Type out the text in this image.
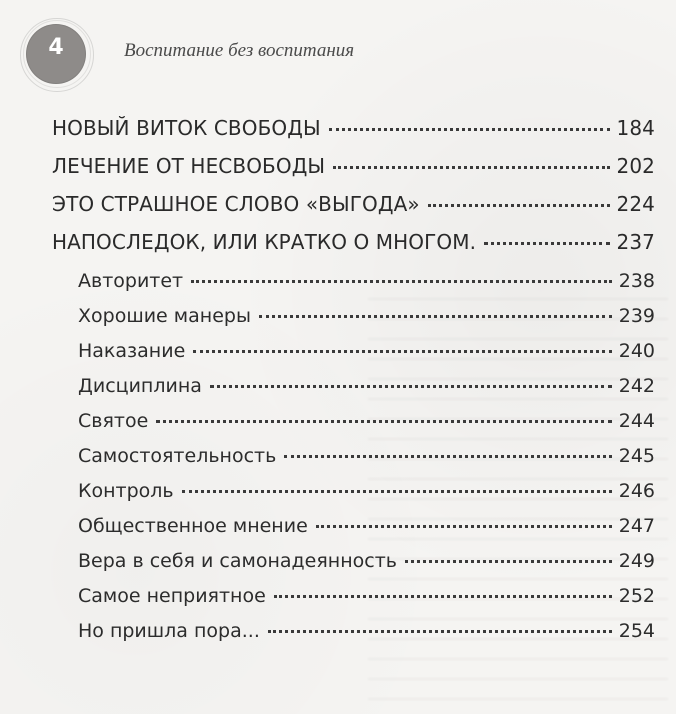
4	Воспитание без воспитания
НОВЫЙ ВИТОК СВОБОДЫ	184
ЛЕЧЕНИЕ ОТ НЕСВОБОДЫ	202
ЭТО СТРАШНОЕ СЛОВО «ВЫГОДА»	224
НАПОСЛЕДОК, ИЛИ КРАТКО О МНОГОМ.	237
Авторитет	238
Хорошие манеры	239
Наказание	240
Дисциплина	242
Святое	244
Самостоятельность	245
Контроль	246
Общественное мнение	247
Вера в себя и самонадеянность	249
Самое неприятное	252
Но пришла пора...	254
